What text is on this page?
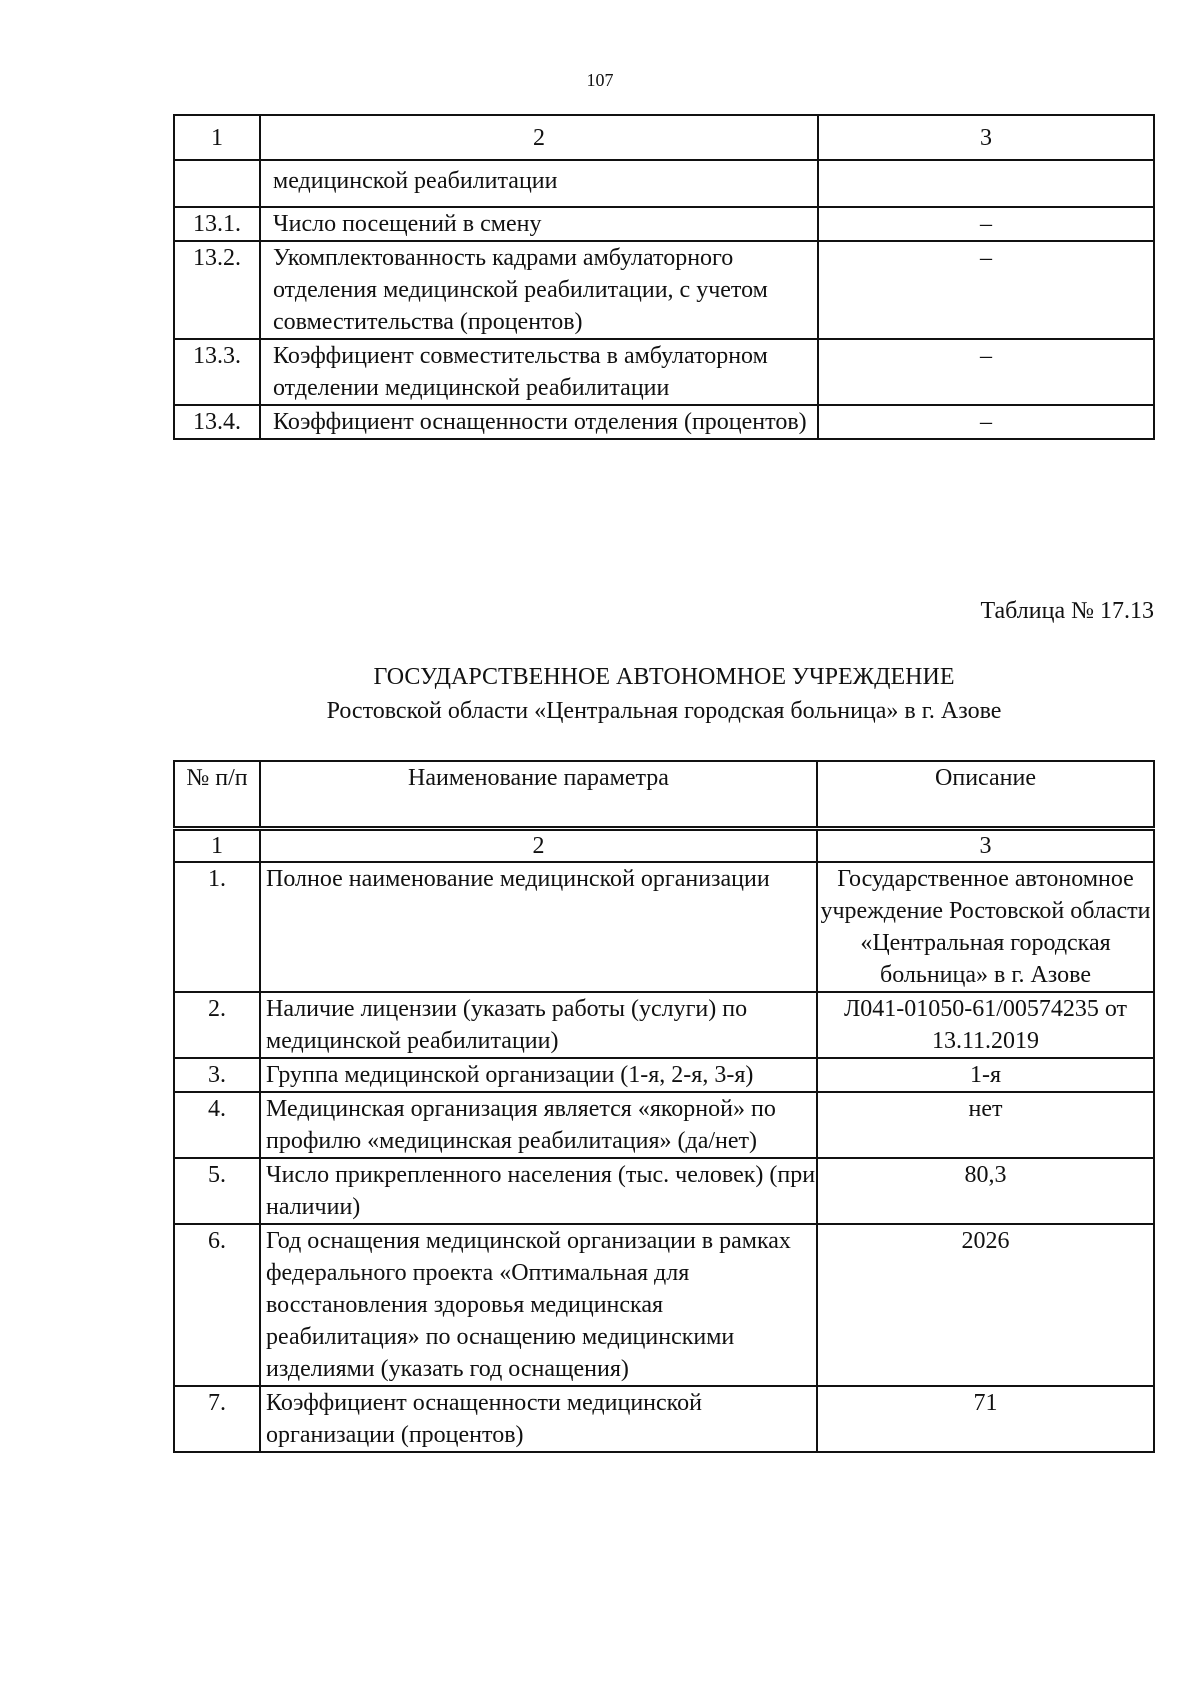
107
1	2	3
	медицинской реабилитации	
13.1.	Число посещений в смену	–
13.2.	Укомплектованность кадрами амбулаторного отделения медицинской реабилитации, с учетом совместительства (процентов)	–
13.3.	Коэффициент совместительства в амбулаторном отделении медицинской реабилитации	–
13.4.	Коэффициент оснащенности отделения (процентов)	–
Таблица № 17.13
ГОСУДАРСТВЕННОЕ АВТОНОМНОЕ УЧРЕЖДЕНИЕ
Ростовской области «Центральная городская больница» в г. Азове
№ п/п	Наименование параметра	Описание
1	2	3
1.	Полное наименование медицинской организации	Государственное автономное учреждение Ростовской области «Центральная городская больница» в г. Азове
2.	Наличие лицензии (указать работы (услуги) по медицинской реабилитации)	Л041-01050-61/00574235 от 13.11.2019
3.	Группа медицинской организации (1-я, 2-я, 3-я)	1-я
4.	Медицинская организация является «якорной» по профилю «медицинская реабилитация» (да/нет)	нет
5.	Число прикрепленного населения (тыс. человек) (при наличии)	80,3
6.	Год оснащения медицинской организации в рамках федерального проекта «Оптимальная для восстановления здоровья медицинская реабилитация» по оснащению медицинскими изделиями (указать год оснащения)	2026
7.	Коэффициент оснащенности медицинской организации (процентов)	71
